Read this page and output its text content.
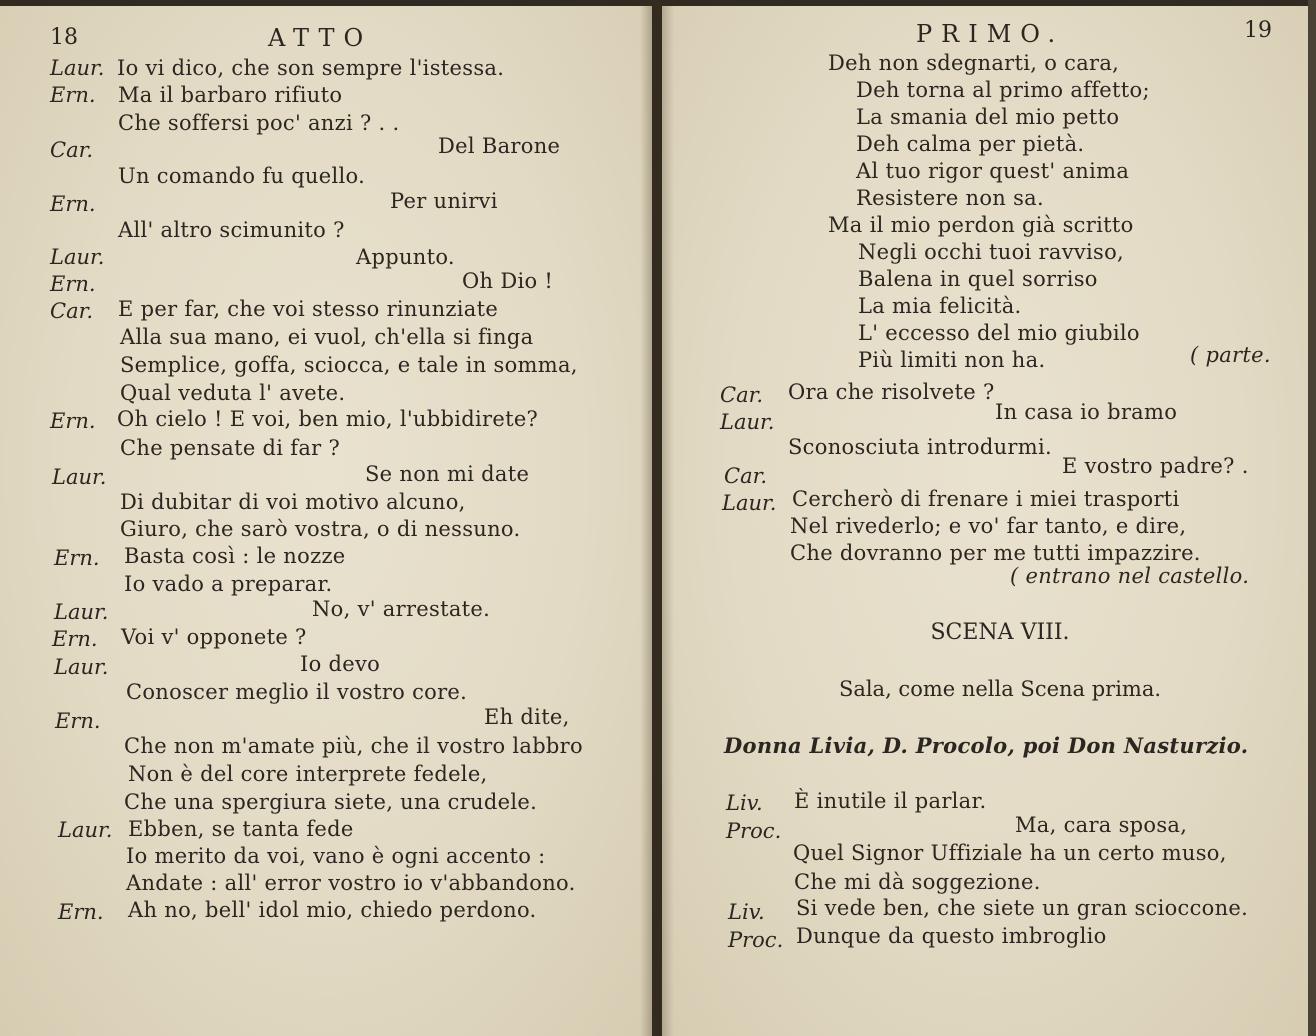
18	ATTO
Laur. Io vi dico, che son sempre l'istessa.
Ern. Ma il barbaro rifiuto
Che soffersi poc' anzi ? . .
Car.	Del Barone
Un comando fu quello.
Ern.	Per unirvi
All' altro scimunito ?
Laur.	Appunto.
Ern.	Oh Dio !
Car. E per far, che voi stesso rinunziate
Alla sua mano, ei vuol, ch'ella si finga
Semplice, goffa, sciocca, e tale in somma,
Qual veduta l' avete.
Ern. Oh cielo ! E voi, ben mio, l'ubbidirete?
Che pensate di far ?
Laur.	Se non mi date
Di dubitar di voi motivo alcuno,
Giuro, che sarò vostra, o di nessuno.
Ern. Basta così : le nozze
Io vado a preparar.
Laur.	No, v' arrestate.
Ern. Voi v' opponete ?
Laur.	Io devo
Conoscer meglio il vostro core.
Ern.	Eh dite,
Che non m'amate più, che il vostro labbro
Non è del core interprete fedele,
Che una spergiura siete, una crudele.
Laur. Ebben, se tanta fede
Io merito da voi, vano è ogni accento :
Andate : all' error vostro io v'abbandono.
Ern. Ah no, bell' idol mio, chiedo perdono.
PRIMO.	19
Deh non sdegnarti, o cara,
Deh torna al primo affetto;
La smania del mio petto
Deh calma per pietà.
Al tuo rigor quest' anima
Resistere non sa.
Ma il mio perdon già scritto
Negli occhi tuoi ravviso,
Balena in quel sorriso
La mia felicità.
L' eccesso del mio giubilo
Più limiti non ha.	( parte.
Car. Ora che risolvete ?
Laur.	In casa io bramo
Sconosciuta introdurmi.
Car.	E vostro padre? .
Laur. Cercherò di frenare i miei trasporti
Nel rivederlo; e vo' far tanto, e dire,
Che dovranno per me tutti impazzire.
( entrano nel castello.
SCENA VIII.
Sala, come nella Scena prima.
Donna Livia, D. Procolo, poi Don Nasturzio.
Liv. È inutile il parlar.
Proc.	Ma, cara sposa,
Quel Signor Uffiziale ha un certo muso,
Che mi dà soggezione.
Liv. Si vede ben, che siete un gran scioccone.
Proc. Dunque da questo imbroglio
